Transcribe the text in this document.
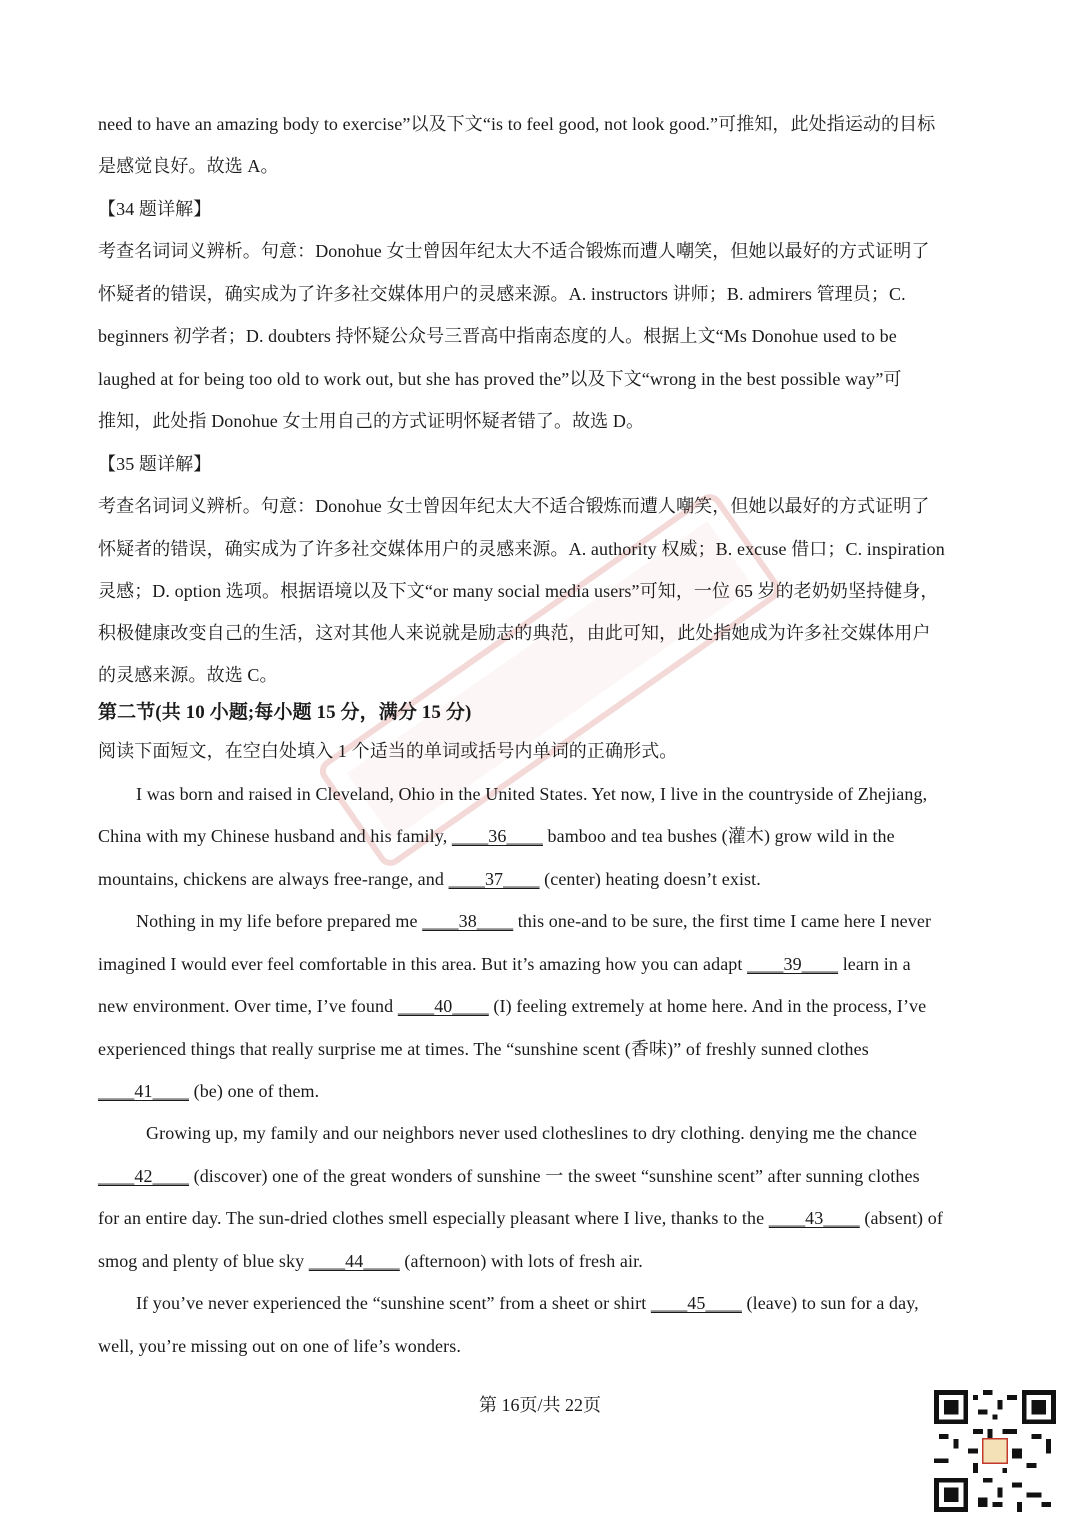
need to have an amazing body to exercise”以及下文“is to feel good, not look good.”可推知，此处指运动的目标
是感觉良好。故选 A。
【34 题详解】
考查名词词义辨析。句意：Donohue 女士曾因年纪太大不适合锻炼而遭人嘲笑，但她以最好的方式证明了
怀疑者的错误，确实成为了许多社交媒体用户的灵感来源。A. instructors 讲师；B. admirers 管理员；C.
beginners 初学者；D. doubters 持怀疑公众号三晋高中指南态度的人。根据上文“Ms Donohue used to be
laughed at for being too old to work out, but she has proved the”以及下文“wrong in the best possible way”可
推知，此处指 Donohue 女士用自己的方式证明怀疑者错了。故选 D。
【35 题详解】
考查名词词义辨析。句意：Donohue 女士曾因年纪太大不适合锻炼而遭人嘲笑，但她以最好的方式证明了
怀疑者的错误，确实成为了许多社交媒体用户的灵感来源。A. authority 权威；B. excuse 借口；C. inspiration
灵感；D. option 选项。根据语境以及下文“or many social media users”可知，一位 65 岁的老奶奶坚持健身，
积极健康改变自己的生活，这对其他人来说就是励志的典范，由此可知，此处指她成为许多社交媒体用户
的灵感来源。故选 C。
第二节(共 10 小题;每小题 15 分，满分 15 分)
阅读下面短文，在空白处填入 1 个适当的单词或括号内单词的正确形式。
I was born and raised in Cleveland, Ohio in the United States. Yet now, I live in the countryside of Zhejiang,
China with my Chinese husband and his family, ____36____ bamboo and tea bushes (灌木) grow wild in the
mountains, chickens are always free-range, and ____37____ (center) heating doesn’t exist.
Nothing in my life before prepared me ____38____ this one-and to be sure, the first time I came here I never
imagined I would ever feel comfortable in this area. But it’s amazing how you can adapt ____39____ learn in a
new environment. Over time, I’ve found ____40____ (I) feeling extremely at home here. And in the process, I’ve
experienced things that really surprise me at times. The “sunshine scent (香味)” of freshly sunned clothes
____41____ (be) one of them.
Growing up, my family and our neighbors never used clotheslines to dry clothing. denying me the chance
____42____ (discover) one of the great wonders of sunshine 一 the sweet “sunshine scent” after sunning clothes
for an entire day. The sun-dried clothes smell especially pleasant where I live, thanks to the ____43____ (absent) of
smog and plenty of blue sky ____44____ (afternoon) with lots of fresh air.
If you’ve never experienced the “sunshine scent” from a sheet or shirt ____45____ (leave) to sun for a day,
well, you’re missing out on one of life’s wonders.
第 16页/共 22页
